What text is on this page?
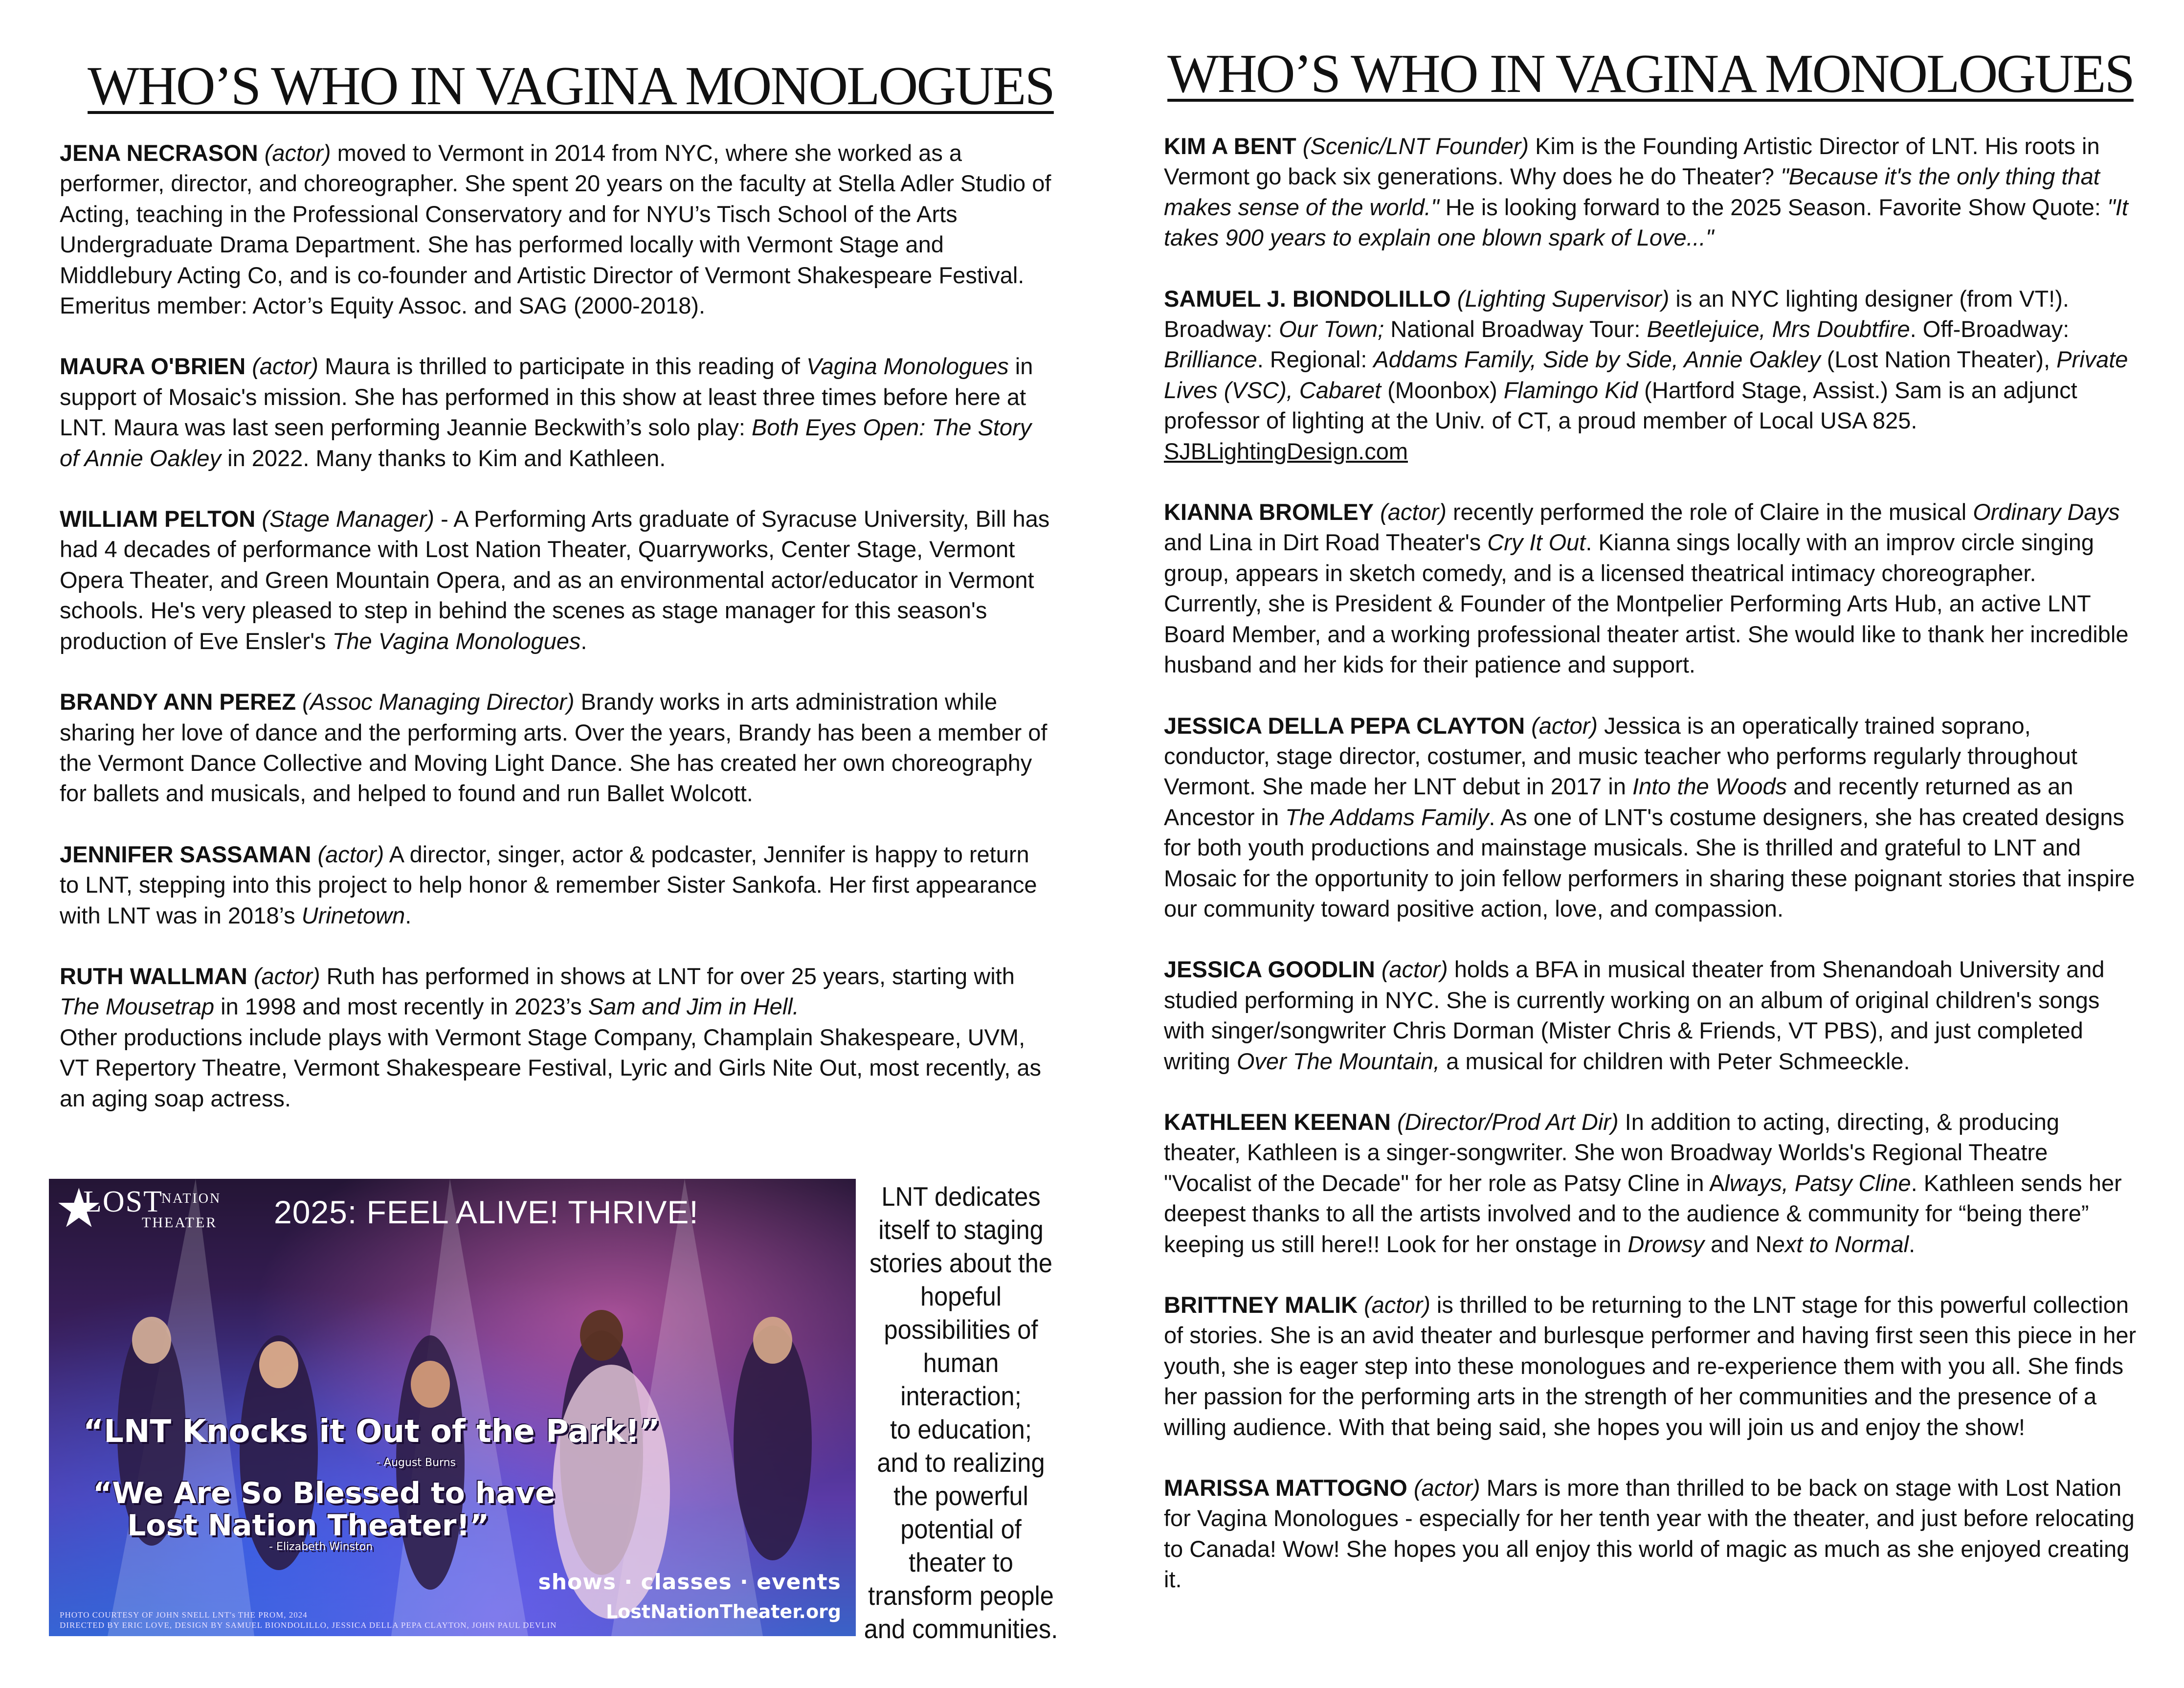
WHO’S WHO IN VAGINA MONOLOGUES

JENA NECRASON (actor) moved to Vermont in 2014 from NYC, where she worked as a performer, director, and choreographer. She spent 20 years on the faculty at Stella Adler Studio of Acting, teaching in the Professional Conservatory and for NYU’s Tisch School of the Arts Undergraduate Drama Department. She has performed locally with Vermont Stage and Middlebury Acting Co, and is co-founder and Artistic Director of Vermont Shakespeare Festival. Emeritus member: Actor’s Equity Assoc. and SAG (2000-2018).

MAURA O'BRIEN (actor) Maura is thrilled to participate in this reading of Vagina Monologues in support of Mosaic's mission. She has performed in this show at least three times before here at LNT. Maura was last seen performing Jeannie Beckwith’s solo play: Both Eyes Open: The Story of Annie Oakley in 2022. Many thanks to Kim and Kathleen.

WILLIAM PELTON (Stage Manager) - A Performing Arts graduate of Syracuse University, Bill has had 4 decades of performance with Lost Nation Theater, Quarryworks, Center Stage, Vermont Opera Theater, and Green Mountain Opera, and as an environmental actor/educator in Vermont schools. He's very pleased to step in behind the scenes as stage manager for this season's production of Eve Ensler's The Vagina Monologues.

BRANDY ANN PEREZ (Assoc Managing Director) Brandy works in arts administration while sharing her love of dance and the performing arts. Over the years, Brandy has been a member of the Vermont Dance Collective and Moving Light Dance. She has created her own choreography for ballets and musicals, and helped to found and run Ballet Wolcott.

JENNIFER SASSAMAN (actor) A director, singer, actor & podcaster, Jennifer is happy to return to LNT, stepping into this project to help honor & remember Sister Sankofa. Her first appearance with LNT was in 2018’s Urinetown.

RUTH WALLMAN (actor) Ruth has performed in shows at LNT for over 25 years, starting with The Mousetrap in 1998 and most recently in 2023’s Sam and Jim in Hell.
Other productions include plays with Vermont Stage Company, Champlain Shakespeare, UVM, VT Repertory Theatre, Vermont Shakespeare Festival, Lyric and Girls Nite Out, most recently, as an aging soap actress.

★	NATION
LOST
THEATER 2025: FEEL ALIVE! THRIVE!
“LNT Knocks it Out of the Park!”
- August Burns
“We Are So Blessed to have
Lost Nation Theater!”
- Elizabeth Winston
shows · classes · events
LostNationTheater.org
PHOTO COURTESY OF JOHN SNELL LNT's THE PROM, 2024
DIRECTED BY ERIC LOVE, DESIGN BY SAMUEL BIONDOLILLO, JESSICA DELLA PEPA CLAYTON, JOHN PAUL DEVLIN
LNT dedicates
itself to staging
stories about the
hopeful
possibilities of
human
interaction;
to education;
and to realizing
the powerful
potential of
theater to
transform people
and communities.
WHO’S WHO IN VAGINA MONOLOGUES

KIM A BENT (Scenic/LNT Founder) Kim is the Founding Artistic Director of LNT. His roots in Vermont go back six generations. Why does he do Theater? "Because it's the only thing that makes sense of the world." He is looking forward to the 2025 Season. Favorite Show Quote: "It takes 900 years to explain one blown spark of Love..."

SAMUEL J. BIONDOLILLO (Lighting Supervisor) is an NYC lighting designer (from VT!). Broadway: Our Town; National Broadway Tour: Beetlejuice, Mrs Doubtfire. Off-Broadway: Brilliance. Regional: Addams Family, Side by Side, Annie Oakley (Lost Nation Theater), Private Lives (VSC), Cabaret (Moonbox) Flamingo Kid (Hartford Stage, Assist.) Sam is an adjunct professor of lighting at the Univ. of CT, a proud member of Local USA 825. SJBLightingDesign.com

KIANNA BROMLEY (actor) recently performed the role of Claire in the musical Ordinary Days and Lina in Dirt Road Theater's Cry It Out. Kianna sings locally with an improv circle singing group, appears in sketch comedy, and is a licensed theatrical intimacy choreographer. Currently, she is President & Founder of the Montpelier Performing Arts Hub, an active LNT Board Member, and a working professional theater artist. She would like to thank her incredible husband and her kids for their patience and support.

JESSICA DELLA PEPA CLAYTON (actor) Jessica is an operatically trained soprano, conductor, stage director, costumer, and music teacher who performs regularly throughout Vermont. She made her LNT debut in 2017 in Into the Woods and recently returned as an Ancestor in The Addams Family. As one of LNT's costume designers, she has created designs for both youth productions and mainstage musicals. She is thrilled and grateful to LNT and Mosaic for the opportunity to join fellow performers in sharing these poignant stories that inspire our community toward positive action, love, and compassion.

JESSICA GOODLIN (actor) holds a BFA in musical theater from Shenandoah University and studied performing in NYC. She is currently working on an album of original children's songs with singer/songwriter Chris Dorman (Mister Chris & Friends, VT PBS), and just completed writing Over The Mountain, a musical for children with Peter Schmeeckle.

KATHLEEN KEENAN (Director/Prod Art Dir) In addition to acting, directing, & producing theater, Kathleen is a singer-songwriter. She won Broadway Worlds's Regional Theatre "Vocalist of the Decade" for her role as Patsy Cline in Always, Patsy Cline. Kathleen sends her deepest thanks to all the artists involved and to the audience & community for “being there” keeping us still here!! Look for her onstage in Drowsy and Next to Normal.

BRITTNEY MALIK (actor) is thrilled to be returning to the LNT stage for this powerful collection of stories. She is an avid theater and burlesque performer and having first seen this piece in her youth, she is eager step into these monologues and re-experience them with you all. She finds her passion for the performing arts in the strength of her communities and the presence of a willing audience. With that being said, she hopes you will join us and enjoy the show!

MARISSA MATTOGNO (actor) Mars is more than thrilled to be back on stage with Lost Nation for Vagina Monologues - especially for her tenth year with the theater, and just before relocating to Canada! Wow! She hopes you all enjoy this world of magic as much as she enjoyed creating it.
